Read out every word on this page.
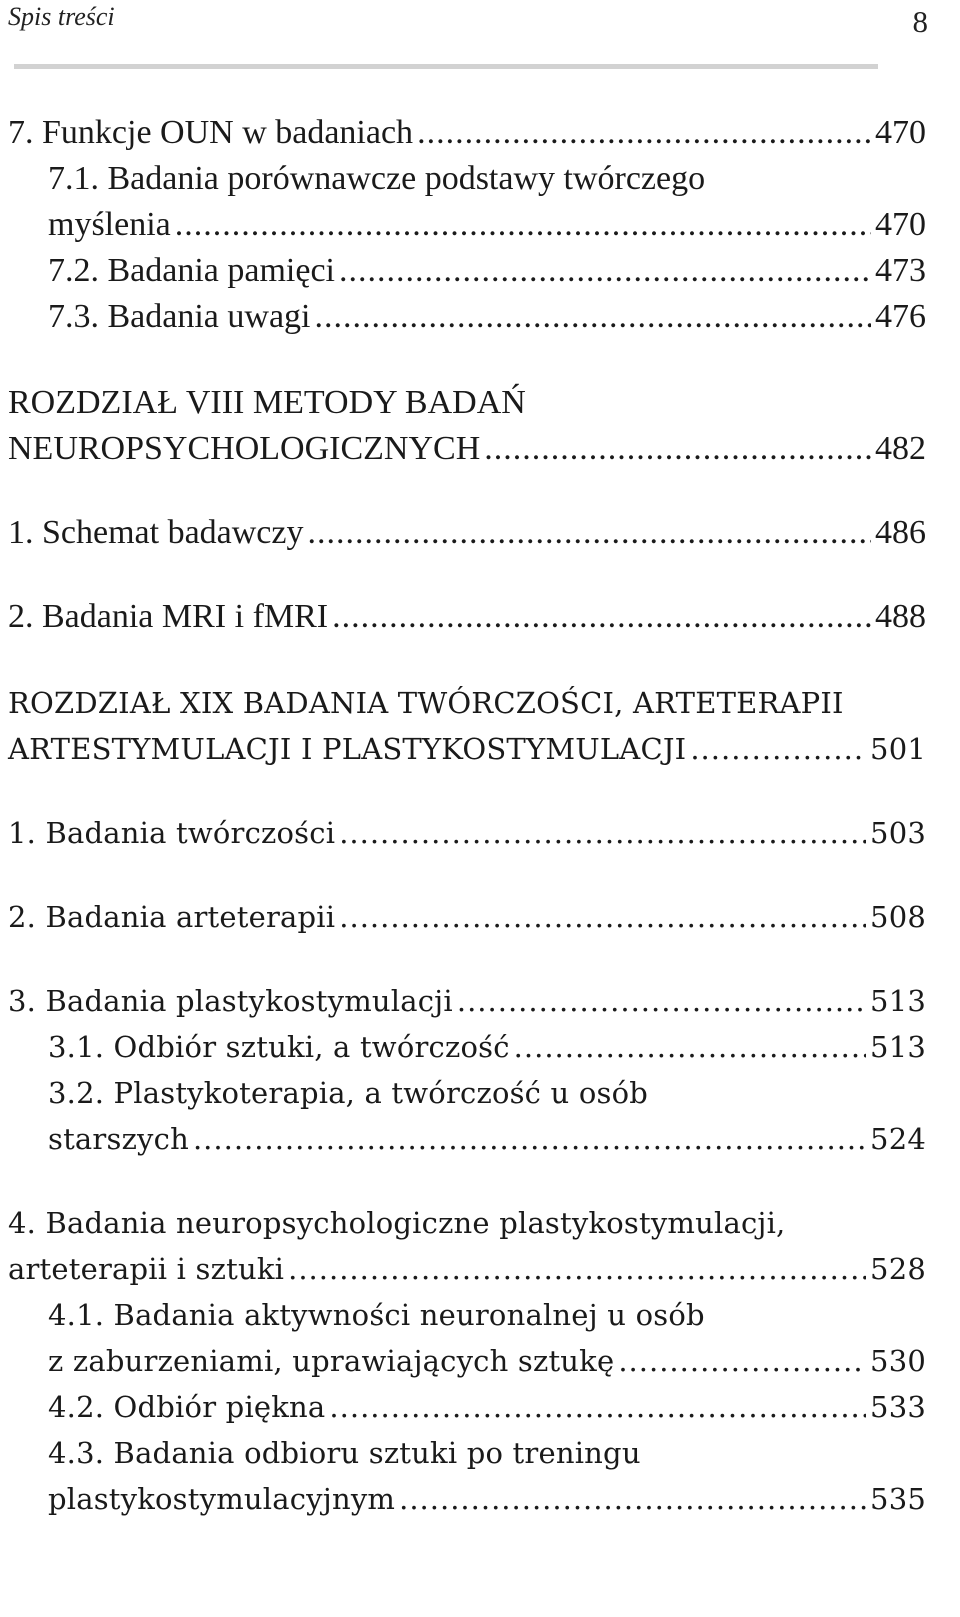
Spis treści	8
7. Funkcje OUN w badaniach .....	470
7.1. Badania porównawcze podstawy twórczego
myślenia .....	470
7.2. Badania pamięci .....	473
7.3. Badania uwagi .....	476
ROZDZIAŁ VIII METODY BADAŃ
NEUROPSYCHOLOGICZNYCH .....	482
1. Schemat badawczy .....	486
2. Badania MRI i fMRI .....	488
ROZDZIAŁ XIX BADANIA TWÓRCZOŚCI, ARTETERAPII
ARTESTYMULACJI I PLASTYKOSTYMULACJI .....	501
1. Badania twórczości .....	503
2. Badania arteterapii .....	508
3. Badania plastykostymulacji .....	513
3.1. Odbiór sztuki, a twórczość .....	513
3.2. Plastykoterapia, a twórczość u osób
starszych .....	524
4. Badania neuropsychologiczne plastykostymulacji,
arteterapii i sztuki .....	528
4.1. Badania aktywności neuronalnej u osób
z zaburzeniami, uprawiających sztukę .....	530
4.2. Odbiór piękna .....	533
4.3. Badania odbioru sztuki po treningu
plastykostymulacyjnym .....	535
